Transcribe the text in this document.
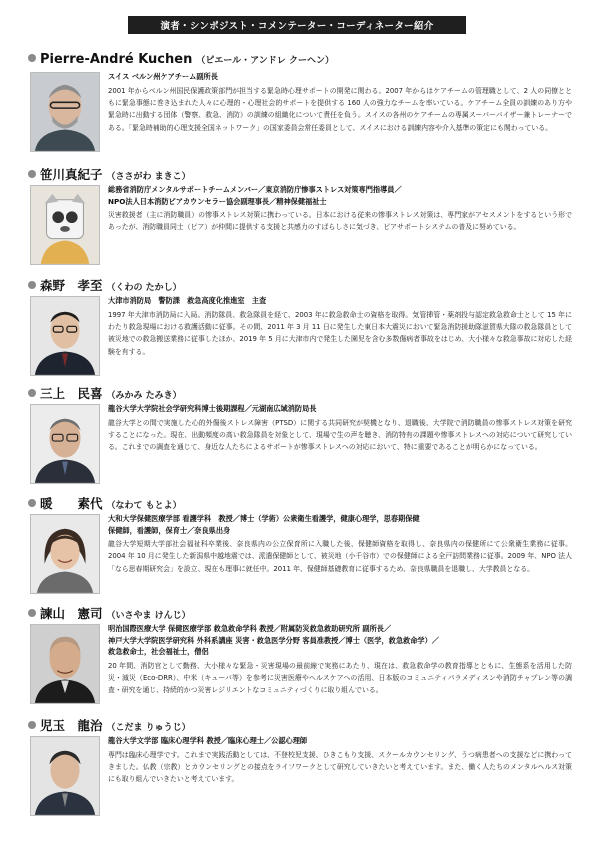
演者・シンポジスト・コメンテーター・コーディネーター紹介
Pierre-André Kuchen （ピエール・アンドレ クーヘン）
スイス ベルン州ケアチーム副所長
2001 年からベルン州国民保護政策部門が担当する緊急時心理サポートの開発に関わる。2007 年からはケアチームの管理職として、2 人の同僚とともに緊急事態に巻き込まれた人々に心理的・心理社会的サポートを提供する 160 人の強力なチームを率いている。ケアチーム全員の訓練のあり方や緊急時に出動する団体（警察、救急、消防）の訓練の組織化について責任を負う。スイスの各州のケアチームの専属スーパーバイザー兼トレーナーである。「緊急時補助的心理支援全国ネットワーク」の国家委員会常任委員として、スイスにおける訓練内容や介入基準の策定にも関わっている。
笹川真紀子 （ささがわ まきこ）
総務省消防庁メンタルサポートチームメンバー／東京消防庁惨事ストレス対策専門指導員／
NPO法人日本消防ピアカウンセラー協会副理事長／精神保健福祉士
災害救援者（主に消防職員）の惨事ストレス対策に携わっている。日本における従来の惨事ストレス対策は、専門家がアセスメントをするという形であったが、消防職員同士（ピア）が仲間に提供する支援と共感力のすばらしさに気づき、ピアサポートシステムの普及に努めている。
森野　孝至 （くわの たかし）
大津市消防局　警防課　救急高度化推進室　主査
1997 年大津市消防局に入局。消防隊員、救急隊員を経て、2003 年に救急救命士の資格を取得。気管挿管・薬剤投与認定救急救命士として 15 年にわたり救急現場における救護活動に従事。その間、2011 年 3 月 11 日に発生した東日本大震災において緊急消防援助隊滋賀県大隊の救急隊員として被災地での救急搬送業務に従事したほか、2019 年 5 月に大津市内で発生した園児を含む多数傷病者事故をはじめ、大小様々な救急事故に対応した経験を有する。
三上　民喜 （みかみ たみき）
龍谷大学大学院社会学研究科博士後期課程／元湖南広域消防局長
龍谷大学との間で実施した心的外傷後ストレス障害（PTSD）に関する共同研究が契機となり、退職後、大学院で消防職員の惨事ストレス対策を研究することになった。現在、出動頻度の高い救急隊員を対象として、現場で生の声を聴き、消防特有の課題や惨事ストレスへの対応について研究している。これまでの調査を通じて、身近な人たちによるサポートが惨事ストレスへの対応において、特に重要であることが明らかになっている。
暖　　素代 （なわて もとよ）
大和大学保健医療学部 看護学科　教授／博士（学術）公衆衛生看護学，健康心理学，思春期保健
保健師，看護師，保育士／奈良県出身
龍谷大学短期大学部社会福祉科卒業後、奈良県内の公立保育所に入職した後、保健師資格を取得し、奈良県内の保健所にて公衆衛生業務に従事。2004 年 10 月に発生した新潟県中越地震では、派遣保健師として、被災地（小千谷市）での保健師による全戸訪問業務に従事。2009 年、NPO 法人「なら思春期研究会」を設立、現在も理事に就任中。2011 年、保健師基礎教育に従事するため、奈良県職員を退職し、大学教員となる。
諫山　憲司 （いさやま けんじ）
明治国際医療大学 保健医療学部 救急救命学科 教授／附属防災救急救助研究所 副所長／
神戸大学大学院医学研究科 外科系講座 災害・救急医学分野 客員准教授／博士（医学，救急救命学）／
救急救命士，社会福祉士，僧侶
20 年間、消防官として勤務、大小様々な緊急・災害現場の最前線で実務にあたり、現在は、救急救命学の教育指導とともに、生態系を活用した防災・減災（Eco-DRR）、中米（キューバ等）を参考に災害医療やヘルスケアへの活用、日本版のコミュニティパラメディスンや消防チャプレン等の調査・研究を通じ、持続的かつ災害レジリエントなコミュニティづくりに取り組んでいる。
児玉　龍治 （こだま りゅうじ）
龍谷大学文学部 臨床心理学科 教授／臨床心理士／公認心理師
専門は臨床心理学です。これまで実践活動としては、不登校児支援、ひきこもり支援、スクールカウンセリング、うつ病患者への支援などに携わってきました。仏教（宗教）とカウンセリングとの接点をライフワークとして研究していきたいと考えています。また、働く人たちのメンタルヘルス対策にも取り組んでいきたいと考えています。
